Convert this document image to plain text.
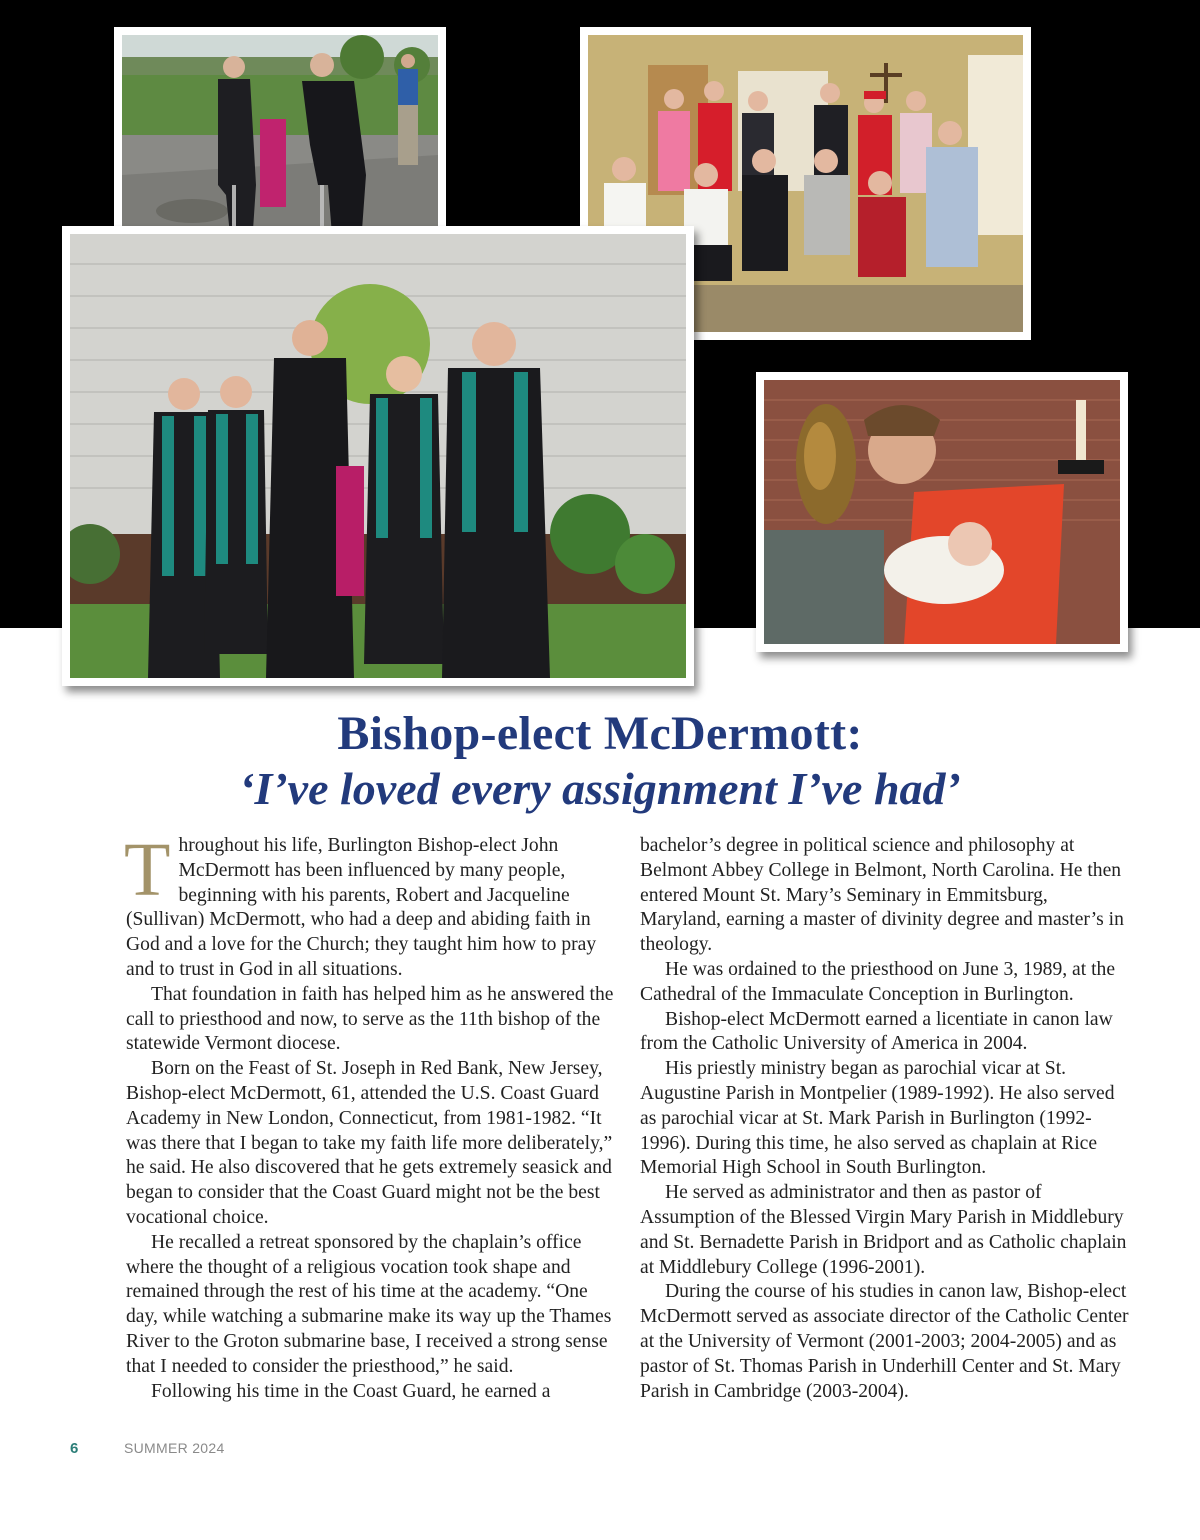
Bishop-elect McDermott:
‘I’ve loved every assignment I’ve had’

Throughout his life, Burlington Bishop-elect John McDermott has been influenced by many people, beginning with his parents, Robert and Jacqueline (Sullivan) McDermott, who had a deep and abiding faith in God and a love for the Church; they taught him how to pray and to trust in God in all situations.

That foundation in faith has helped him as he answered the call to priesthood and now, to serve as the 11th bishop of the statewide Vermont diocese.

Born on the Feast of St. Joseph in Red Bank, New Jersey, Bishop-elect McDermott, 61, attended the U.S. Coast Guard Academy in New London, Connecticut, from 1981-1982. “It was there that I began to take my faith life more deliberately,” he said. He also discovered that he gets extremely seasick and began to consider that the Coast Guard might not be the best vocational choice.

He recalled a retreat sponsored by the chaplain’s office where the thought of a religious vocation took shape and remained through the rest of his time at the academy. “One day, while watching a submarine make its way up the Thames River to the Groton submarine base, I received a strong sense that I needed to consider the priesthood,” he said.

Following his time in the Coast Guard, he earned a

bachelor’s degree in political science and philosophy at Belmont Abbey College in Belmont, North Carolina. He then entered Mount St. Mary’s Seminary in Emmitsburg, Maryland, earning a master of divinity degree and master’s in theology.

He was ordained to the priesthood on June 3, 1989, at the Cathedral of the Immaculate Conception in Burlington.

Bishop-elect McDermott earned a licentiate in canon law from the Catholic University of America in 2004.

His priestly ministry began as parochial vicar at St. Augustine Parish in Montpelier (1989-1992). He also served as parochial vicar at St. Mark Parish in Burlington (1992-1996). During this time, he also served as chaplain at Rice Memorial High School in South Burlington.

He served as administrator and then as pastor of Assumption of the Blessed Virgin Mary Parish in Middlebury and St. Bernadette Parish in Bridport and as Catholic chaplain at Middlebury College (1996-2001).

During the course of his studies in canon law, Bishop-elect McDermott served as associate director of the Catholic Center at the University of Vermont (2001-2003; 2004-2005) and as pastor of St. Thomas Parish in Underhill Center and St. Mary Parish in Cambridge (2003-2004).

6	SUMMER 2024
